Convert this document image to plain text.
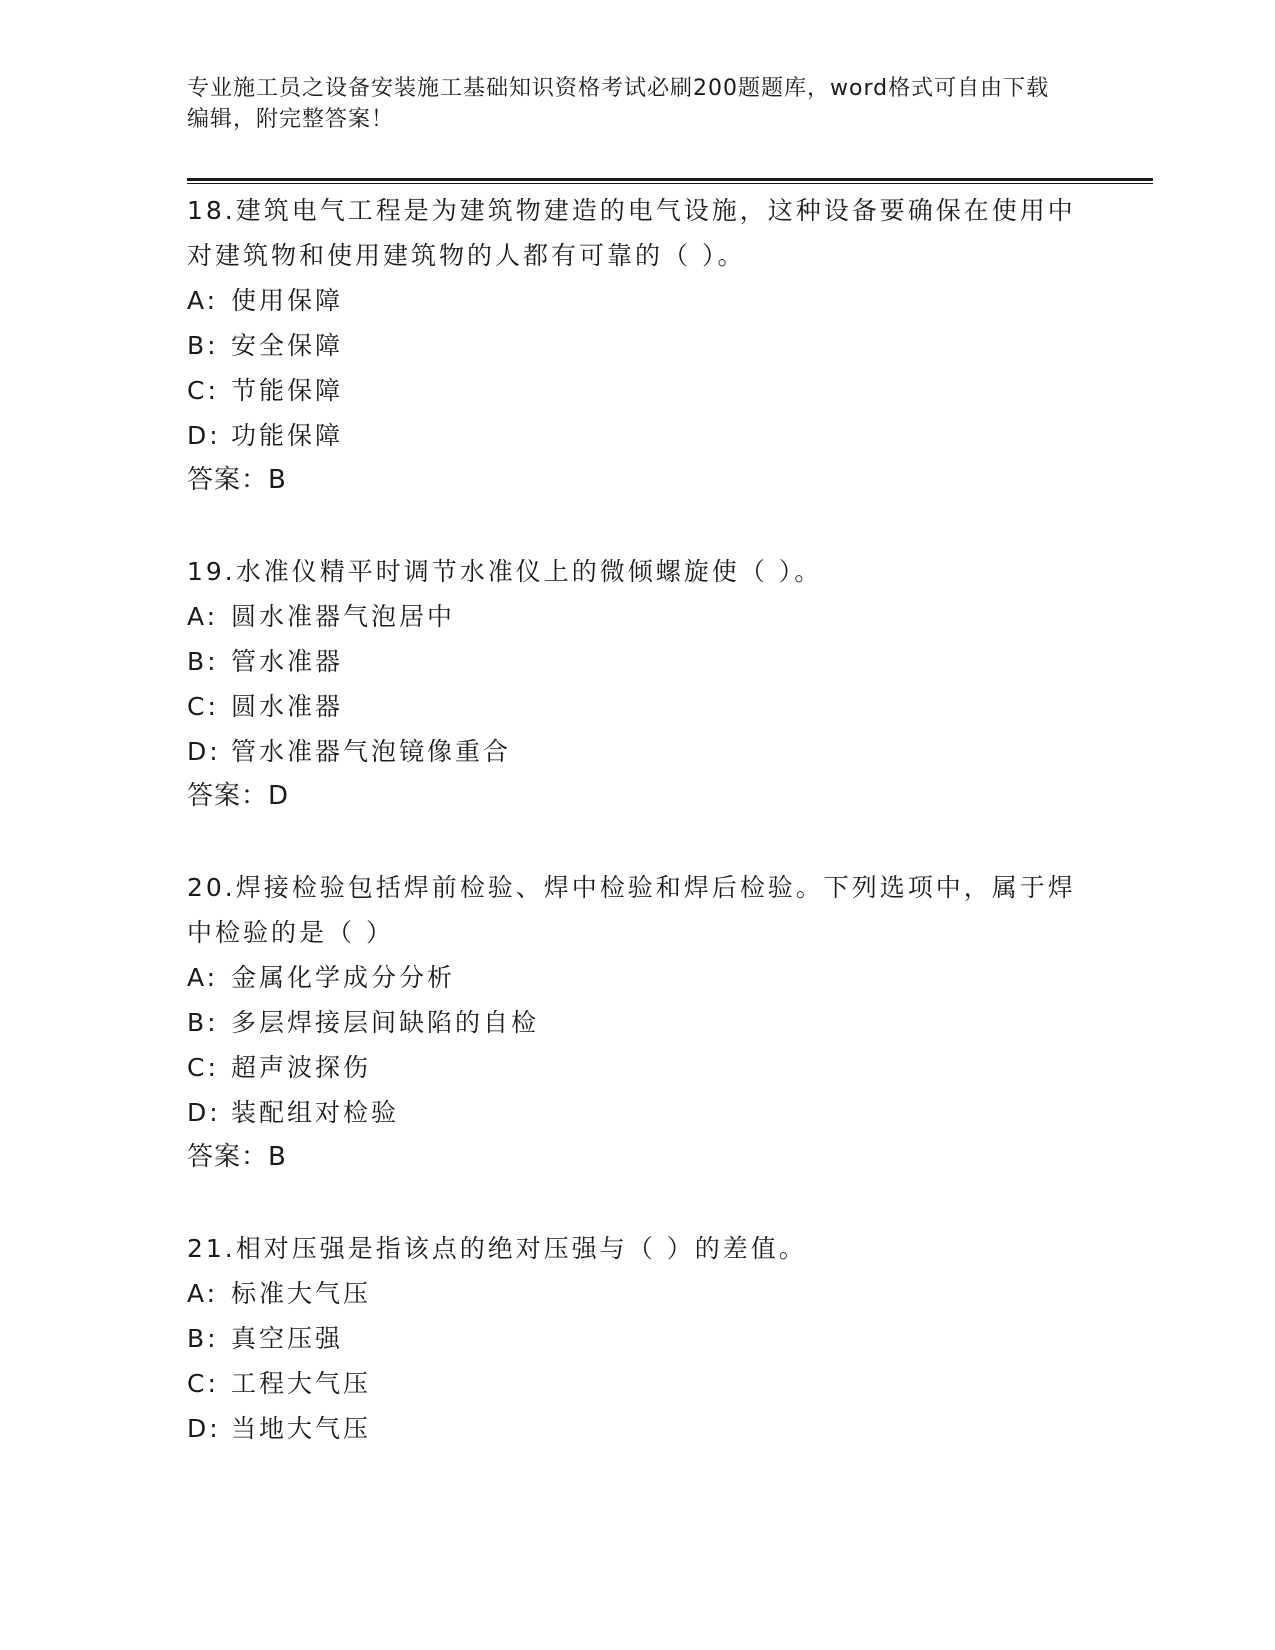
专业施工员之设备安装施工基础知识资格考试必刷200题题库，word格式可自由下载编辑，附完整答案！

18.建筑电气工程是为建筑物建造的电气设施，这种设备要确保在使用中对建筑物和使用建筑物的人都有可靠的（ ）。

A: 使用保障
B: 安全保障
C: 节能保障
D: 功能保障
答案：B

19.水准仪精平时调节水准仪上的微倾螺旋使（ ）。

A: 圆水准器气泡居中
B: 管水准器
C: 圆水准器
D: 管水准器气泡镜像重合
答案：D

20.焊接检验包括焊前检验、焊中检验和焊后检验。下列选项中，属于焊中检验的是（ ）

A: 金属化学成分分析
B: 多层焊接层间缺陷的自检
C: 超声波探伤
D: 装配组对检验
答案：B

21.相对压强是指该点的绝对压强与（ ）的差值。

A: 标准大气压
B: 真空压强
C: 工程大气压
D: 当地大气压
